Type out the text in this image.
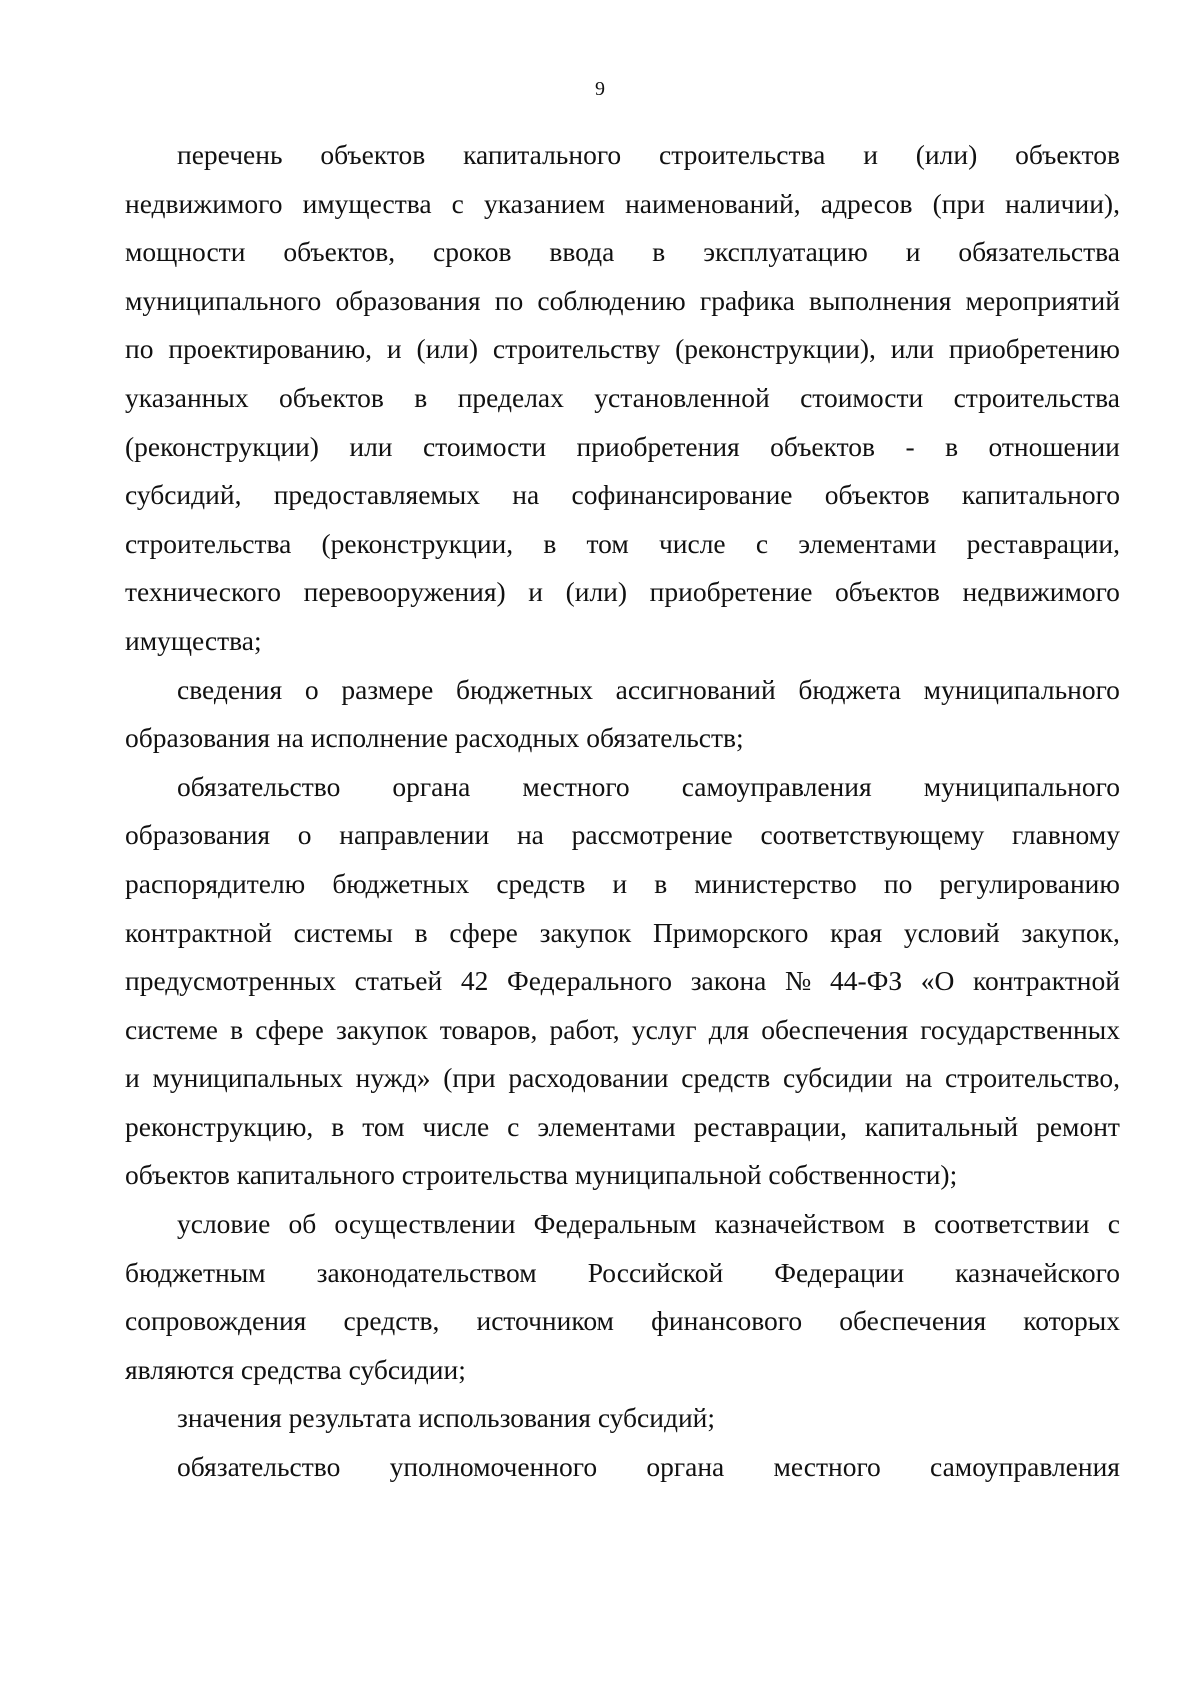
9
перечень объектов капитального строительства и (или) объектов
недвижимого имущества с указанием наименований, адресов (при наличии),
мощности объектов, сроков ввода в эксплуатацию и обязательства
муниципального образования по соблюдению графика выполнения мероприятий
по проектированию, и (или) строительству (реконструкции), или приобретению
указанных объектов в пределах установленной стоимости строительства
(реконструкции) или стоимости приобретения объектов - в отношении
субсидий, предоставляемых на софинансирование объектов капитального
строительства (реконструкции, в том числе с элементами реставрации,
технического перевооружения) и (или) приобретение объектов недвижимого
имущества;
сведения о размере бюджетных ассигнований бюджета муниципального
образования на исполнение расходных обязательств;
обязательство органа местного самоуправления муниципального
образования о направлении на рассмотрение соответствующему главному
распорядителю бюджетных средств и в министерство по регулированию
контрактной системы в сфере закупок Приморского края условий закупок,
предусмотренных статьей 42 Федерального закона № 44-ФЗ «О контрактной
системе в сфере закупок товаров, работ, услуг для обеспечения государственных
и муниципальных нужд» (при расходовании средств субсидии на строительство,
реконструкцию, в том числе с элементами реставрации, капитальный ремонт
объектов капитального строительства муниципальной собственности);
условие об осуществлении Федеральным казначейством в соответствии с
бюджетным законодательством Российской Федерации казначейского
сопровождения средств, источником финансового обеспечения которых
являются средства субсидии;
значения результата использования субсидий;
обязательство уполномоченного органа местного самоуправления
